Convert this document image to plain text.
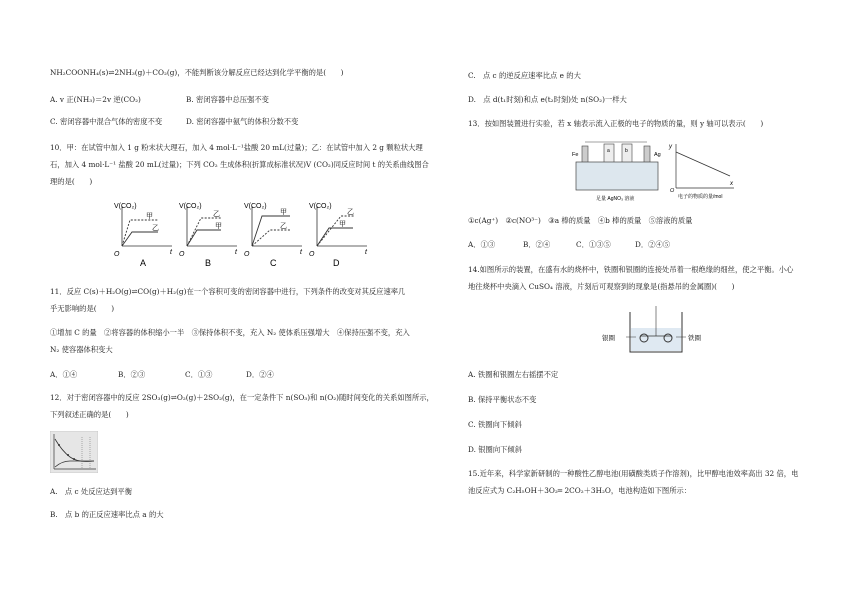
NH₂COONH₄(s)⇌2NH₃(g)＋CO₂(g)，不能判断该分解反应已经达到化学平衡的是(　　)
A. v 正(NH₃)＝2v 逆(CO₂)	B. 密闭容器中总压强不变
C. 密闭容器中混合气体的密度不变	D. 密闭容器中氨气的体积分数不变
10．甲：在试管中加入 1 g 粉末状大理石，加入 4 mol·L⁻¹盐酸 20 mL(过量)；乙：在试管中加入 2 g 颗粒状大理
石，加入 4 mol·L⁻¹ 盐酸 20 mL(过量)；下列 CO₂ 生成体积(折算成标准状况)V (CO₂)同反应时间 t 的关系曲线图合
理的是(　　)
V(CO₂)
甲
乙
O	t
A
V(CO₂)
乙
甲
O	t
B
V(CO₂)
甲
乙
O	t
C
V(CO₂)
乙
甲
O	t
D
11．反应 C(s)＋H₂O(g)⇌CO(g)＋H₂(g)在一个容积可变的密闭容器中进行，下列条件的改变对其反应速率几
乎无影响的是(　　)
①增加 C 的量　②将容器的体积缩小一半　③保持体积不变，充入 N₂ 使体系压强增大　④保持压强不变，充入
N₂ 使容器体积变大
A．①④	B．②③	C．①③	D．②④
12．对于密闭容器中的反应 2SO₃(g)⇌O₂(g)＋2SO₂(g)，在一定条件下 n(SO₃)和 n(O₂)随时间变化的关系如图所示，
下列叙述正确的是(　　)
A.　点 c 处反应达到平衡
B.　点 b 的正反应速率比点 a 的大
C.　点 c 的逆反应速率比点 e 的大
D.　点 d(t₁时刻)和点 e(t₂时刻)处 n(SO₂)一样大
13．按如图装置进行实验，若 x 轴表示流入正极的电子的物质的量，则 y 轴可以表示(　　)
Fe	Ag
a	b
足量 AgNO₃ 溶液
y
x
O
电子的物质的量/mol
①c(Ag⁺)　②c(NO³⁻)　③a 棒的质量　④b 棒的质量　⑤溶液的质量
A．①③	B．②④	C．①③⑤	D．②④⑤
14.如图所示的装置，在盛有水的烧杯中，铁圈和银圈的连接处吊着一根绝缘的细丝，使之平衡。小心
地往烧杯中央滴入 CuSO₄ 溶液，片刻后可观察到的现象是(指悬吊的金属圈)(　　)
银圈	铁圈
A. 铁圈和银圈左右摇摆不定
B. 保持平衡状态不变
C. 铁圈向下倾斜
D. 银圈向下倾斜
15.近年来，科学家新研制的一种酸性乙醇电池(用磺酸类质子作溶剂)，比甲醇电池效率高出 32 倍，电
池反应式为 C₂H₅OH＋3O₂═ 2CO₂＋3H₂O，电池构造如下图所示：
